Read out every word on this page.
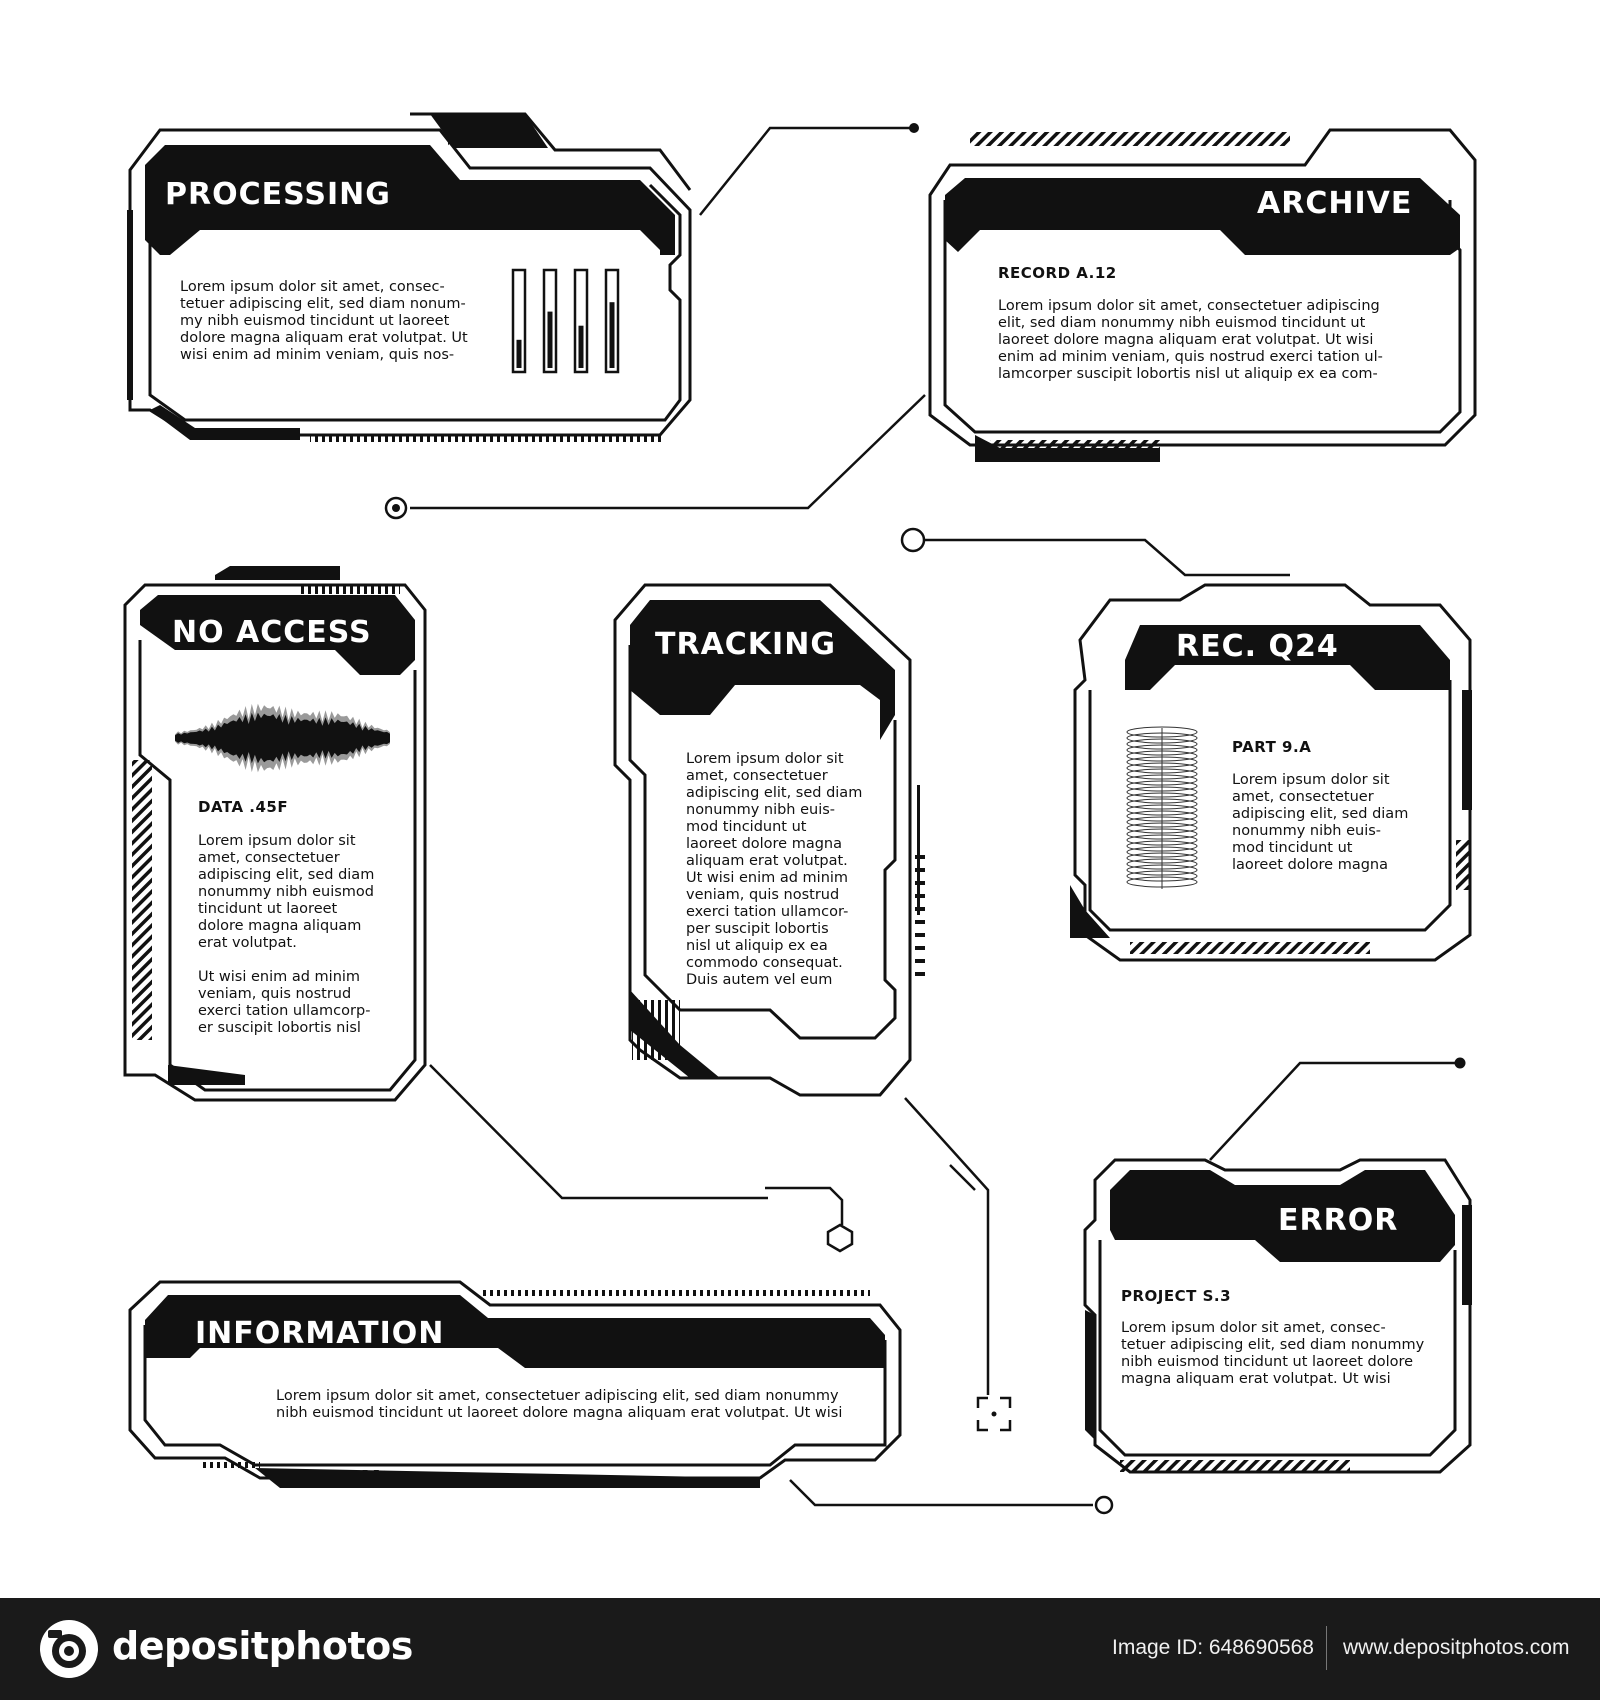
PROCESSING
Lorem ipsum dolor sit amet, consec-
tetuer adipiscing elit, sed diam nonum-
my nibh euismod tincidunt ut laoreet
dolore magna aliquam erat volutpat. Ut
wisi enim ad minim veniam, quis nos-
ARCHIVE
RECORD A.12
Lorem ipsum dolor sit amet, consectetuer adipiscing
elit, sed diam nonummy nibh euismod tincidunt ut
laoreet dolore magna aliquam erat volutpat. Ut wisi
enim ad minim veniam, quis nostrud exerci tation ul-
lamcorper suscipit lobortis nisl ut aliquip ex ea com-
NO ACCESS
DATA .45F
Lorem ipsum dolor sit
amet, consectetuer
adipiscing elit, sed diam
nonummy nibh euismod
tincidunt ut laoreet
dolore magna aliquam
erat volutpat.

Ut wisi enim ad minim
veniam, quis nostrud
exerci tation ullamcorp-
er suscipit lobortis nisl
TRACKING
Lorem ipsum dolor sit
amet, consectetuer
adipiscing elit, sed diam
nonummy nibh euis-
mod tincidunt ut
laoreet dolore magna
aliquam erat volutpat.
Ut wisi enim ad minim
veniam, quis nostrud
exerci tation ullamcor-
per suscipit lobortis
nisl ut aliquip ex ea
commodo consequat.
Duis autem vel eum
REC. Q24
PART 9.A
Lorem ipsum dolor sit
amet, consectetuer
adipiscing elit, sed diam
nonummy nibh euis-
mod tincidunt ut
laoreet dolore magna
ERROR
PROJECT S.3
Lorem ipsum dolor sit amet, consec-
tetuer adipiscing elit, sed diam nonummy
nibh euismod tincidunt ut laoreet dolore
magna aliquam erat volutpat. Ut wisi
INFORMATION
Lorem ipsum dolor sit amet, consectetuer adipiscing elit, sed diam nonummy
nibh euismod tincidunt ut laoreet dolore magna aliquam erat volutpat. Ut wisi
depositphotos	Image ID: 648690568 www.depositphotos.com
